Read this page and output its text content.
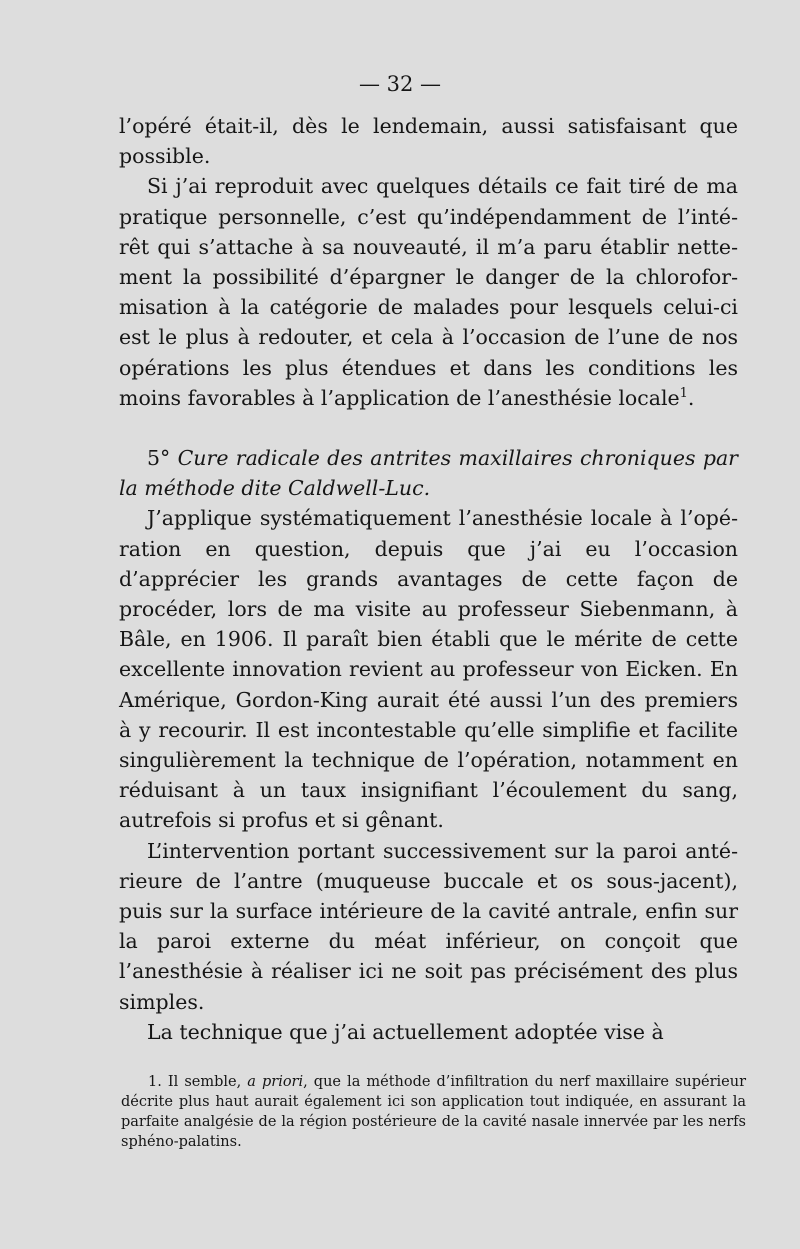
— 32 —

l’opéré était-il, dès le lendemain, aussi satisfaisant que possible.

Si j’ai reproduit avec quelques détails ce fait tiré de ma pratique personnelle, c’est qu’indépendamment de l’intérêt qui s’attache à sa nouveauté, il m’a paru établir nettement la possibilité d’épargner le danger de la chloroformisation à la catégorie de malades pour lesquels celui-ci est le plus à redouter, et cela à l’occasion de l’une de nos opérations les plus étendues et dans les conditions les moins favorables à l’application de l’anesthésie locale$^1$.

5° Cure radicale des antrites maxillaires chroniques par la méthode dite Caldwell-Luc.

J’applique systématiquement l’anesthésie locale à l’opération en question, depuis que j’ai eu l’occasion d’apprécier les grands avantages de cette façon de procéder, lors de ma visite au professeur Siebenmann, à Bâle, en 1906. Il paraît bien établi que le mérite de cette excellente innovation revient au professeur von Eicken. En Amérique, Gordon-King aurait été aussi l’un des premiers à y recourir. Il est incontestable qu’elle simplifie et facilite singulièrement la technique de l’opération, notamment en réduisant à un taux insignifiant l’écoulement du sang, autrefois si profus et si gênant.

L’intervention portant successivement sur la paroi antérieure de l’antre (muqueuse buccale et os sous-jacent), puis sur la surface intérieure de la cavité antrale, enfin sur la paroi externe du méat inférieur, on conçoit que l’anesthésie à réaliser ici ne soit pas précisément des plus simples.

La technique que j’ai actuellement adoptée vise à

1. Il semble, a priori, que la méthode d’infiltration du nerf maxillaire supérieur décrite plus haut aurait également ici son application tout indiquée, en assurant la parfaite analgésie de la région postérieure de la cavité nasale innervée par les nerfs sphéno-palatins.
